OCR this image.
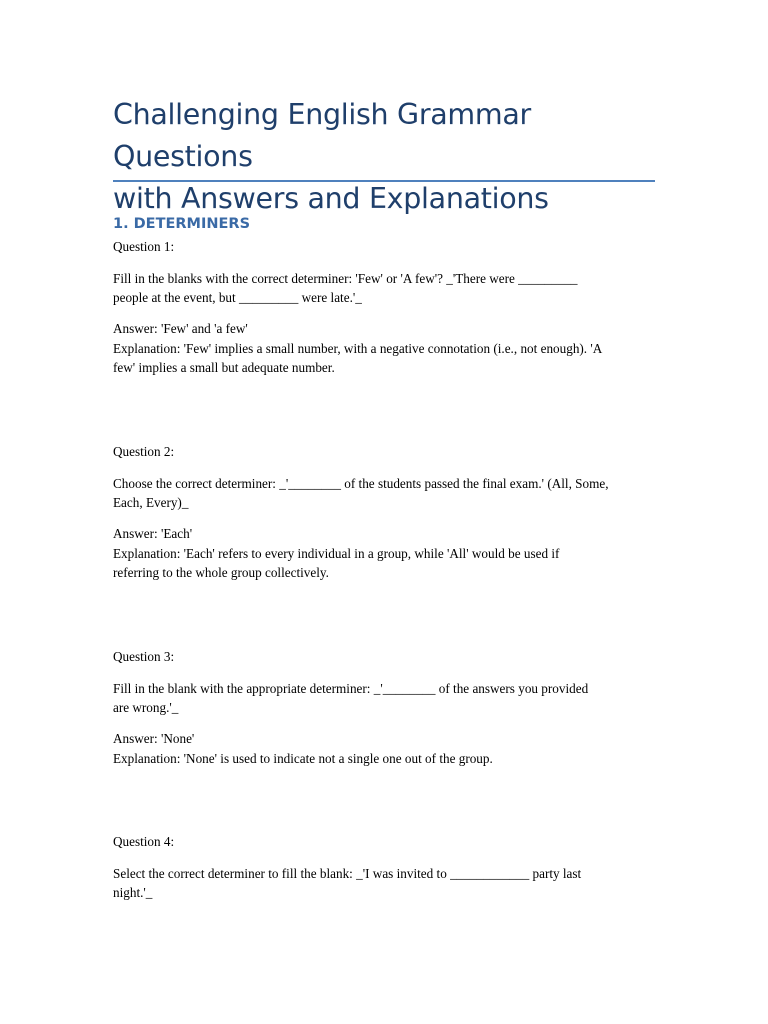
Challenging English Grammar Questions
with Answers and Explanations
1. DETERMINERS

Question 1:

Fill in the blanks with the correct determiner: 'Few' or 'A few'? _'There were _________
people at the event, but _________ were late.'_

Answer: 'Few' and 'a few'

Explanation: 'Few' implies a small number, with a negative connotation (i.e., not enough). 'A
few' implies a small but adequate number.

Question 2:

Choose the correct determiner: _'________ of the students passed the final exam.' (All, Some,
Each, Every)_

Answer: 'Each'

Explanation: 'Each' refers to every individual in a group, while 'All' would be used if
referring to the whole group collectively.

Question 3:

Fill in the blank with the appropriate determiner: _'________ of the answers you provided
are wrong.'_

Answer: 'None'

Explanation: 'None' is used to indicate not a single one out of the group.

Question 4:

Select the correct determiner to fill the blank: _'I was invited to ____________ party last
night.'_
